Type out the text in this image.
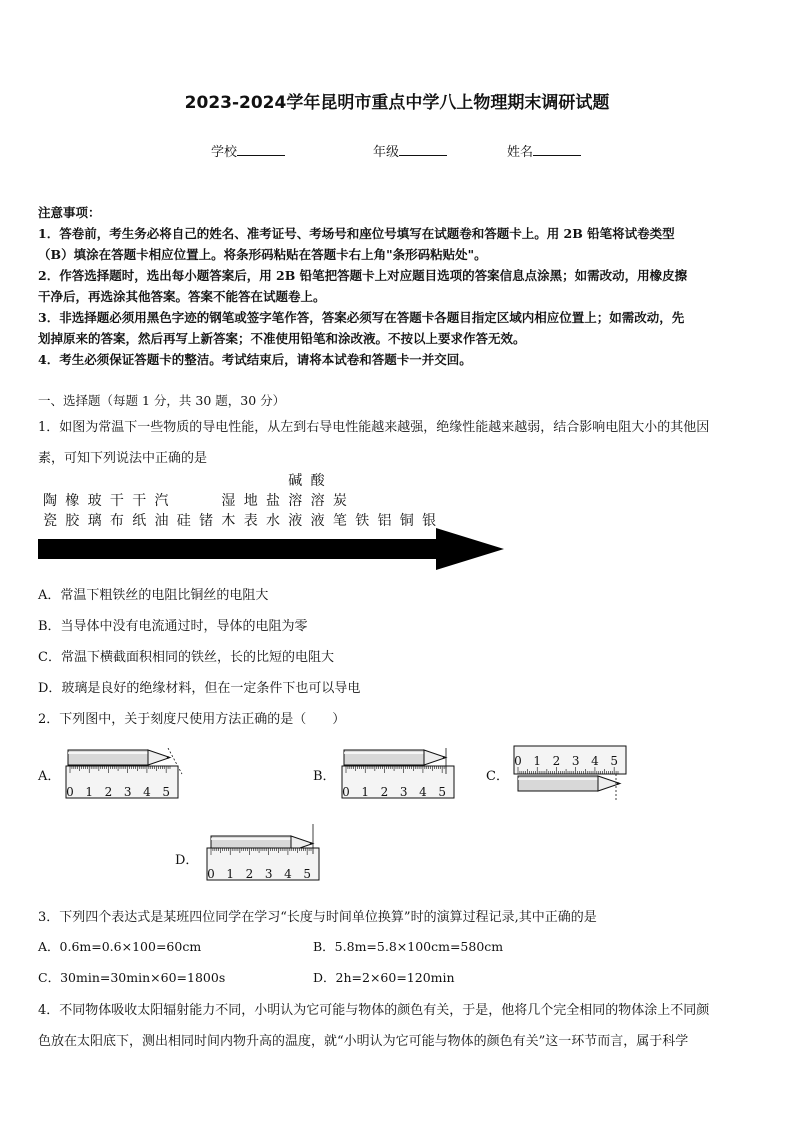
2023-2024学年昆明市重点中学八上物理期末调研试题
学校	年级	姓名
注意事项：
1．答卷前，考生务必将自己的姓名、准考证号、考场号和座位号填写在试题卷和答题卡上。用 2B 铅笔将试卷类型
（B）填涂在答题卡相应位置上。将条形码粘贴在答题卡右上角"条形码粘贴处"。
2．作答选择题时，选出每小题答案后，用 2B 铅笔把答题卡上对应题目选项的答案信息点涂黑；如需改动，用橡皮擦
干净后，再选涂其他答案。答案不能答在试题卷上。
3．非选择题必须用黑色字迹的钢笔或签字笔作答，答案必须写在答题卡各题目指定区域内相应位置上；如需改动，先
划掉原来的答案，然后再写上新答案；不准使用铅笔和涂改液。不按以上要求作答无效。
4．考生必须保证答题卡的整洁。考试结束后，请将本试卷和答题卡一并交回。
一、选择题（每题 1 分，共 30 题，30 分）
1．如图为常温下一些物质的导电性能，从左到右导电性能越来越强，绝缘性能越来越弱，结合影响电阻大小的其他因
素，可知下列说法中正确的是

陶
瓷

橡
胶

玻
璃

干
布

干
纸

汽
油

硅

锗

湿
木

地
表

盐
水
碱
溶
液
酸
溶
液

炭
笔

铁

铝

铜

银
A．常温下粗铁丝的电阻比铜丝的电阻大
B．当导体中没有电流通过时，导体的电阻为零
C．常温下横截面积相同的铁丝，长的比短的电阻大
D．玻璃是良好的绝缘材料，但在一定条件下也可以导电
2．下列图中，关于刻度尺使用方法正确的是（　　）
A．	B．	C．
D．
0 1 2 3 4 5	0 1 2 3 4 5
0 1 2 3 4 5
0 1 2 3 4 5
3．下列四个表达式是某班四位同学在学习“长度与时间单位换算”时的演算过程记录,其中正确的是
A．0.6m=0.6×100=60cm	B．5.8m=5.8×100cm=580cm
C．30min=30min×60=1800s	D．2h=2×60=120min
4．不同物体吸收太阳辐射能力不同，小明认为它可能与物体的颜色有关，于是，他将几个完全相同的物体涂上不同颜
色放在太阳底下，测出相同时间内物升高的温度，就“小明认为它可能与物体的颜色有关”这一环节而言，属于科学
